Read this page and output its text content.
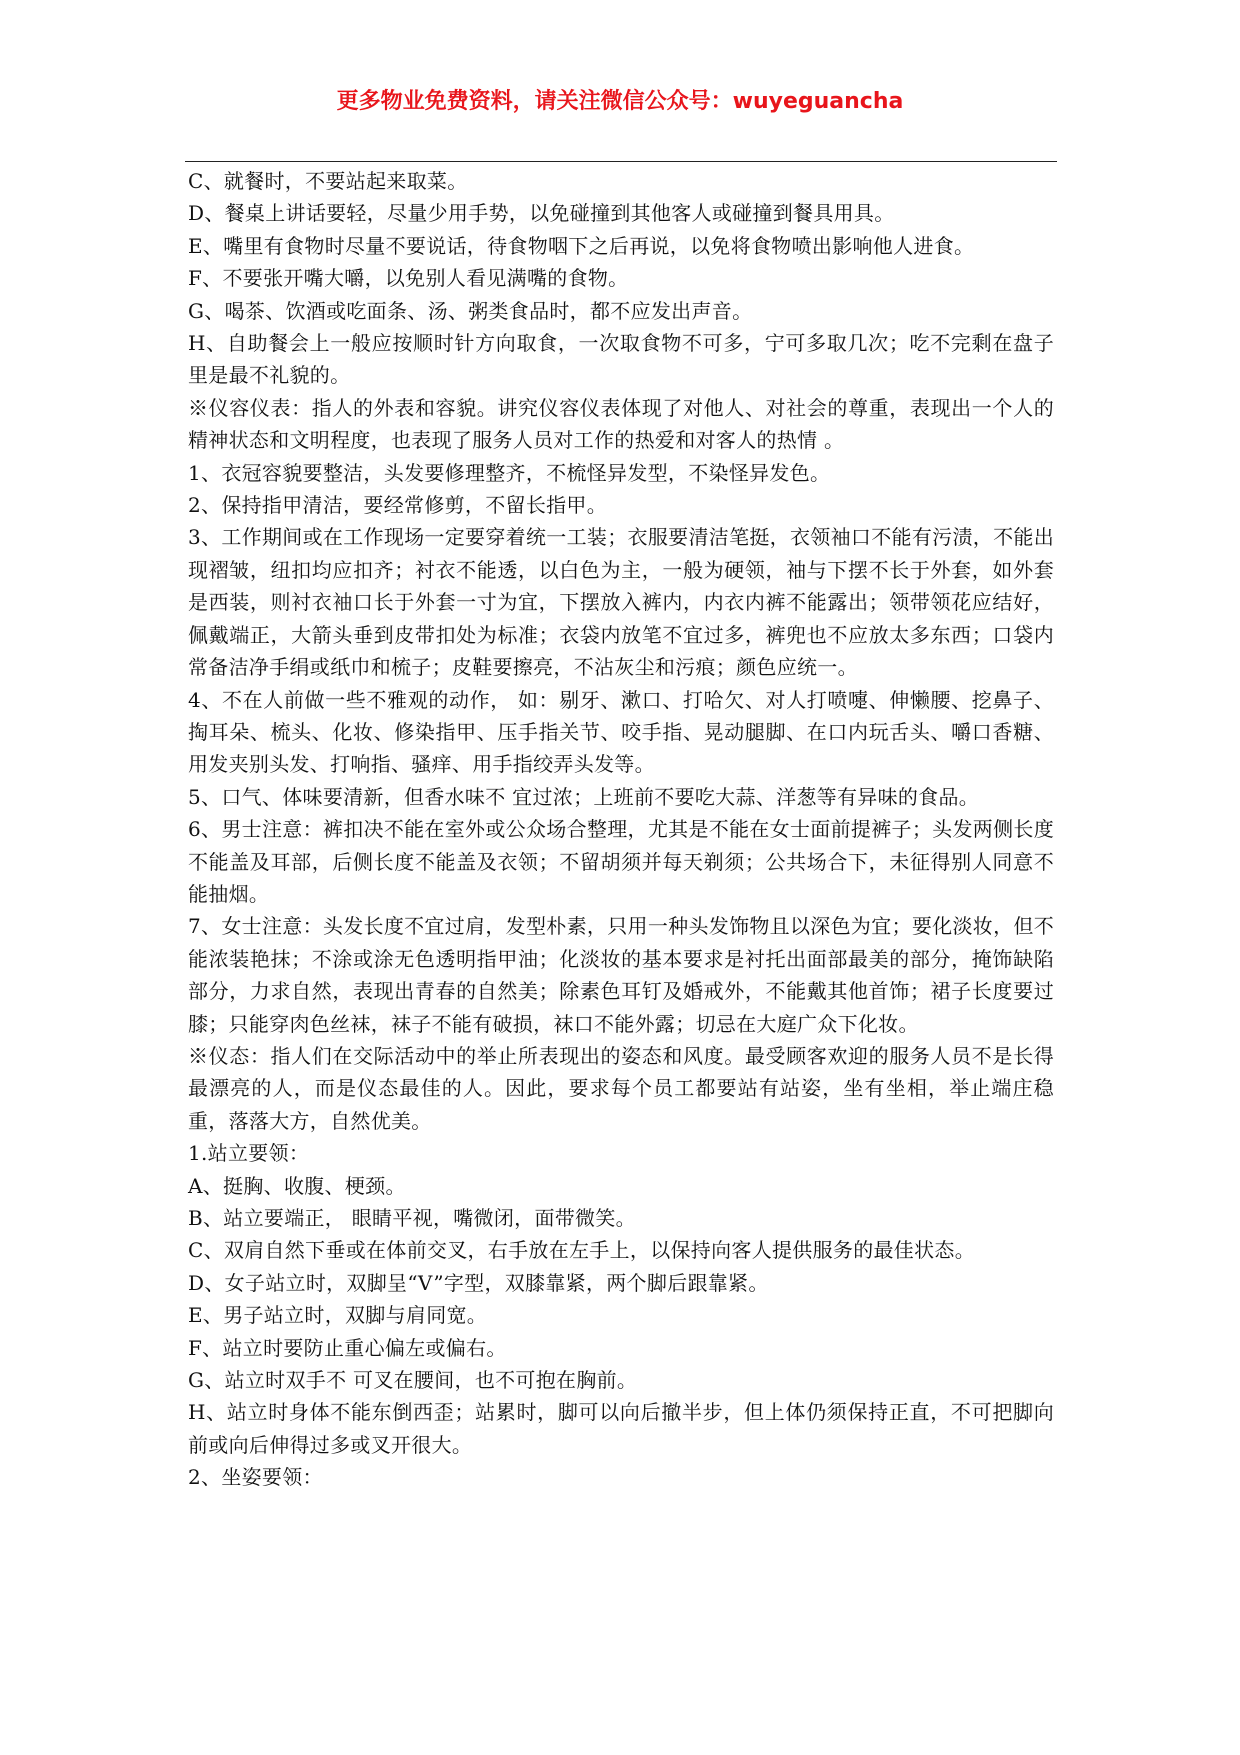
更多物业免费资料，请关注微信公众号：wuyeguancha

C、就餐时，不要站起来取菜。

D、餐桌上讲话要轻，尽量少用手势，以免碰撞到其他客人或碰撞到餐具用具。

E、嘴里有食物时尽量不要说话，待食物咽下之后再说，以免将食物喷出影响他人进食。

F、不要张开嘴大嚼，以免别人看见满嘴的食物。

G、喝茶、饮酒或吃面条、汤、粥类食品时，都不应发出声音。

H、自助餐会上一般应按顺时针方向取食，一次取食物不可多，宁可多取几次；吃不完剩在盘子里是最不礼貌的。

※仪容仪表：指人的外表和容貌。讲究仪容仪表体现了对他人、对社会的尊重，表现出一个人的精神状态和文明程度，也表现了服务人员对工作的热爱和对客人的热情 。

1、衣冠容貌要整洁，头发要修理整齐，不梳怪异发型，不染怪异发色。

2、保持指甲清洁，要经常修剪，不留长指甲。

3、工作期间或在工作现场一定要穿着统一工装；衣服要清洁笔挺，衣领袖口不能有污渍，不能出现褶皱，纽扣均应扣齐；衬衣不能透，以白色为主，一般为硬领，袖与下摆不长于外套，如外套是西装，则衬衣袖口长于外套一寸为宜，下摆放入裤内，内衣内裤不能露出；领带领花应结好，佩戴端正，大箭头垂到皮带扣处为标准；衣袋内放笔不宜过多，裤兜也不应放太多东西；口袋内常备洁净手绢或纸巾和梳子；皮鞋要擦亮，不沾灰尘和污痕；颜色应统一。

4、不在人前做一些不雅观的动作， 如：剔牙、漱口、打哈欠、对人打喷嚏、伸懒腰、挖鼻子、掏耳朵、梳头、化妆、修染指甲、压手指关节、咬手指、晃动腿脚、在口内玩舌头、嚼口香糖、用发夹别头发、打响指、骚痒、用手指绞弄头发等。

5、口气、体味要清新，但香水味不 宜过浓；上班前不要吃大蒜、洋葱等有异味的食品。

6、男士注意：裤扣决不能在室外或公众场合整理，尤其是不能在女士面前提裤子；头发两侧长度不能盖及耳部，后侧长度不能盖及衣领；不留胡须并每天剃须；公共场合下，未征得别人同意不能抽烟。

7、女士注意：头发长度不宜过肩，发型朴素，只用一种头发饰物且以深色为宜；要化淡妆，但不能浓装艳抹；不涂或涂无色透明指甲油；化淡妆的基本要求是衬托出面部最美的部分，掩饰缺陷部分，力求自然，表现出青春的自然美；除素色耳钉及婚戒外，不能戴其他首饰；裙子长度要过膝；只能穿肉色丝袜，袜子不能有破损，袜口不能外露；切忌在大庭广众下化妆。

※仪态：指人们在交际活动中的举止所表现出的姿态和风度。最受顾客欢迎的服务人员不是长得最漂亮的人，而是仪态最佳的人。因此，要求每个员工都要站有站姿，坐有坐相，举止端庄稳重，落落大方，自然优美。

1.站立要领：

A、挺胸、收腹、梗颈。

B、站立要端正， 眼睛平视，嘴微闭，面带微笑。

C、双肩自然下垂或在体前交叉，右手放在左手上，以保持向客人提供服务的最佳状态。

D、女子站立时，双脚呈“V”字型，双膝靠紧，两个脚后跟靠紧。

E、男子站立时，双脚与肩同宽。

F、站立时要防止重心偏左或偏右。

G、站立时双手不 可叉在腰间，也不可抱在胸前。

H、站立时身体不能东倒西歪；站累时，脚可以向后撤半步，但上体仍须保持正直，不可把脚向前或向后伸得过多或叉开很大。

2、坐姿要领：
